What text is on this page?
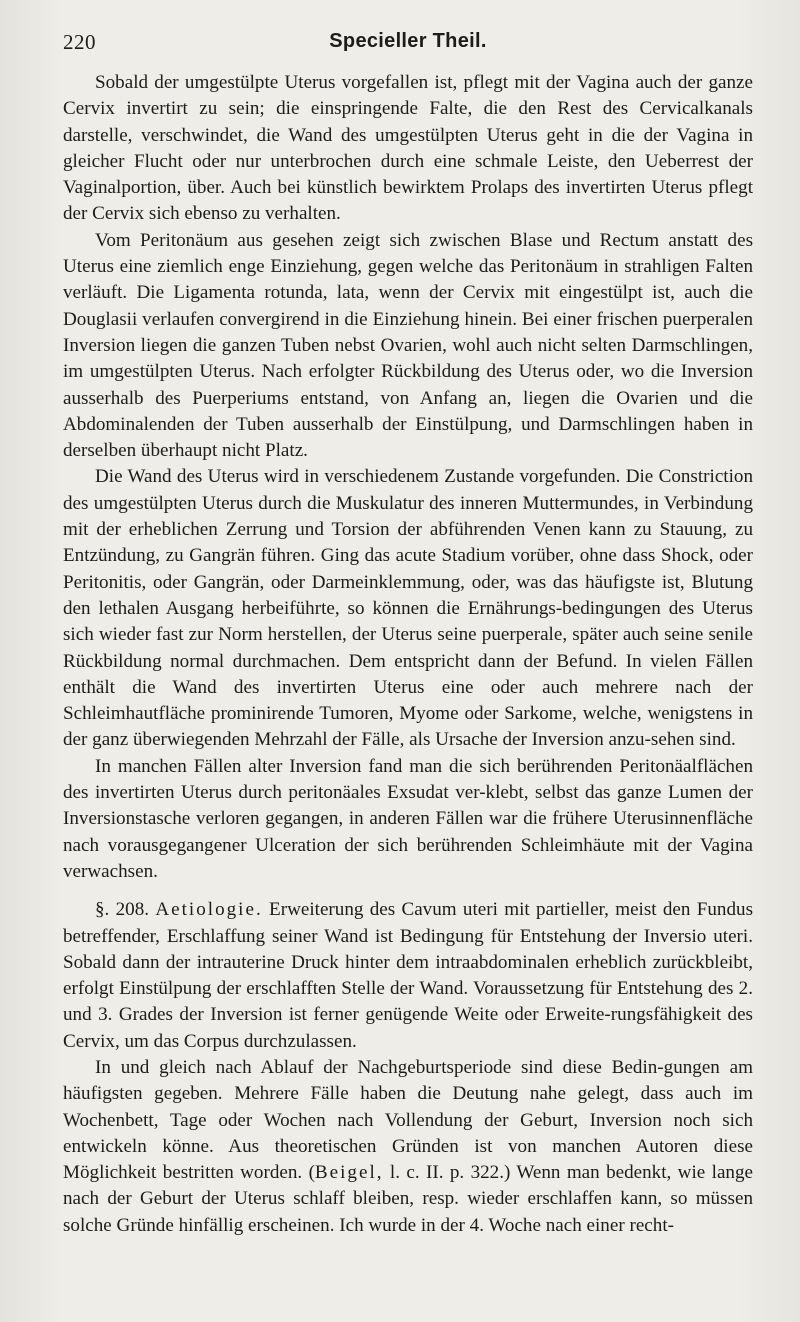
220	Specieller Theil.

Sobald der umgestülpte Uterus vorgefallen ist, pflegt mit der Vagina auch der ganze Cervix invertirt zu sein; die einspringende Falte, die den Rest des Cervicalkanals darstelle, verschwindet, die Wand des umgestülpten Uterus geht in die der Vagina in gleicher Flucht oder nur unterbrochen durch eine schmale Leiste, den Ueberrest der Vaginalportion, über. Auch bei künstlich bewirktem Prolaps des invertirten Uterus pflegt der Cervix sich ebenso zu verhalten.

Vom Peritonäum aus gesehen zeigt sich zwischen Blase und Rectum anstatt des Uterus eine ziemlich enge Einziehung, gegen welche das Peritonäum in strahligen Falten verläuft. Die Ligamenta rotunda, lata, wenn der Cervix mit eingestülpt ist, auch die Douglasii verlaufen convergirend in die Einziehung hinein. Bei einer frischen puerperalen Inversion liegen die ganzen Tuben nebst Ovarien, wohl auch nicht selten Darmschlingen, im umgestülpten Uterus. Nach erfolgter Rückbildung des Uterus oder, wo die Inversion ausserhalb des Puerperiums entstand, von Anfang an, liegen die Ovarien und die Abdominalenden der Tuben ausserhalb der Einstülpung, und Darmschlingen haben in derselben überhaupt nicht Platz.

Die Wand des Uterus wird in verschiedenem Zustande vorgefunden. Die Constriction des umgestülpten Uterus durch die Muskulatur des inneren Muttermundes, in Verbindung mit der erheblichen Zerrung und Torsion der abführenden Venen kann zu Stauung, zu Entzündung, zu Gangrän führen. Ging das acute Stadium vorüber, ohne dass Shock, oder Peritonitis, oder Gangrän, oder Darmeinklemmung, oder, was das häufigste ist, Blutung den lethalen Ausgang herbeiführte, so können die Ernährungs-bedingungen des Uterus sich wieder fast zur Norm herstellen, der Uterus seine puerperale, später auch seine senile Rückbildung normal durchmachen. Dem entspricht dann der Befund. In vielen Fällen enthält die Wand des invertirten Uterus eine oder auch mehrere nach der Schleimhautfläche prominirende Tumoren, Myome oder Sarkome, welche, wenigstens in der ganz überwiegenden Mehrzahl der Fälle, als Ursache der Inversion anzu-sehen sind.

In manchen Fällen alter Inversion fand man die sich berührenden Peritonäalflächen des invertirten Uterus durch peritonäales Exsudat ver-klebt, selbst das ganze Lumen der Inversionstasche verloren gegangen, in anderen Fällen war die frühere Uterusinnenfläche nach vorausgegangener Ulceration der sich berührenden Schleimhäute mit der Vagina verwachsen.

§. 208. Aetiologie. Erweiterung des Cavum uteri mit partieller, meist den Fundus betreffender, Erschlaffung seiner Wand ist Bedingung für Entstehung der Inversio uteri. Sobald dann der intrauterine Druck hinter dem intraabdominalen erheblich zurückbleibt, erfolgt Einstülpung der erschlafften Stelle der Wand. Voraussetzung für Entstehung des 2. und 3. Grades der Inversion ist ferner genügende Weite oder Erweite-rungsfähigkeit des Cervix, um das Corpus durchzulassen.

In und gleich nach Ablauf der Nachgeburtsperiode sind diese Bedin-gungen am häufigsten gegeben. Mehrere Fälle haben die Deutung nahe gelegt, dass auch im Wochenbett, Tage oder Wochen nach Vollendung der Geburt, Inversion noch sich entwickeln könne. Aus theoretischen Gründen ist von manchen Autoren diese Möglichkeit bestritten worden. (Beigel, l. c. II. p. 322.) Wenn man bedenkt, wie lange nach der Geburt der Uterus schlaff bleiben, resp. wieder erschlaffen kann, so müssen solche Gründe hinfällig erscheinen. Ich wurde in der 4. Woche nach einer recht-
